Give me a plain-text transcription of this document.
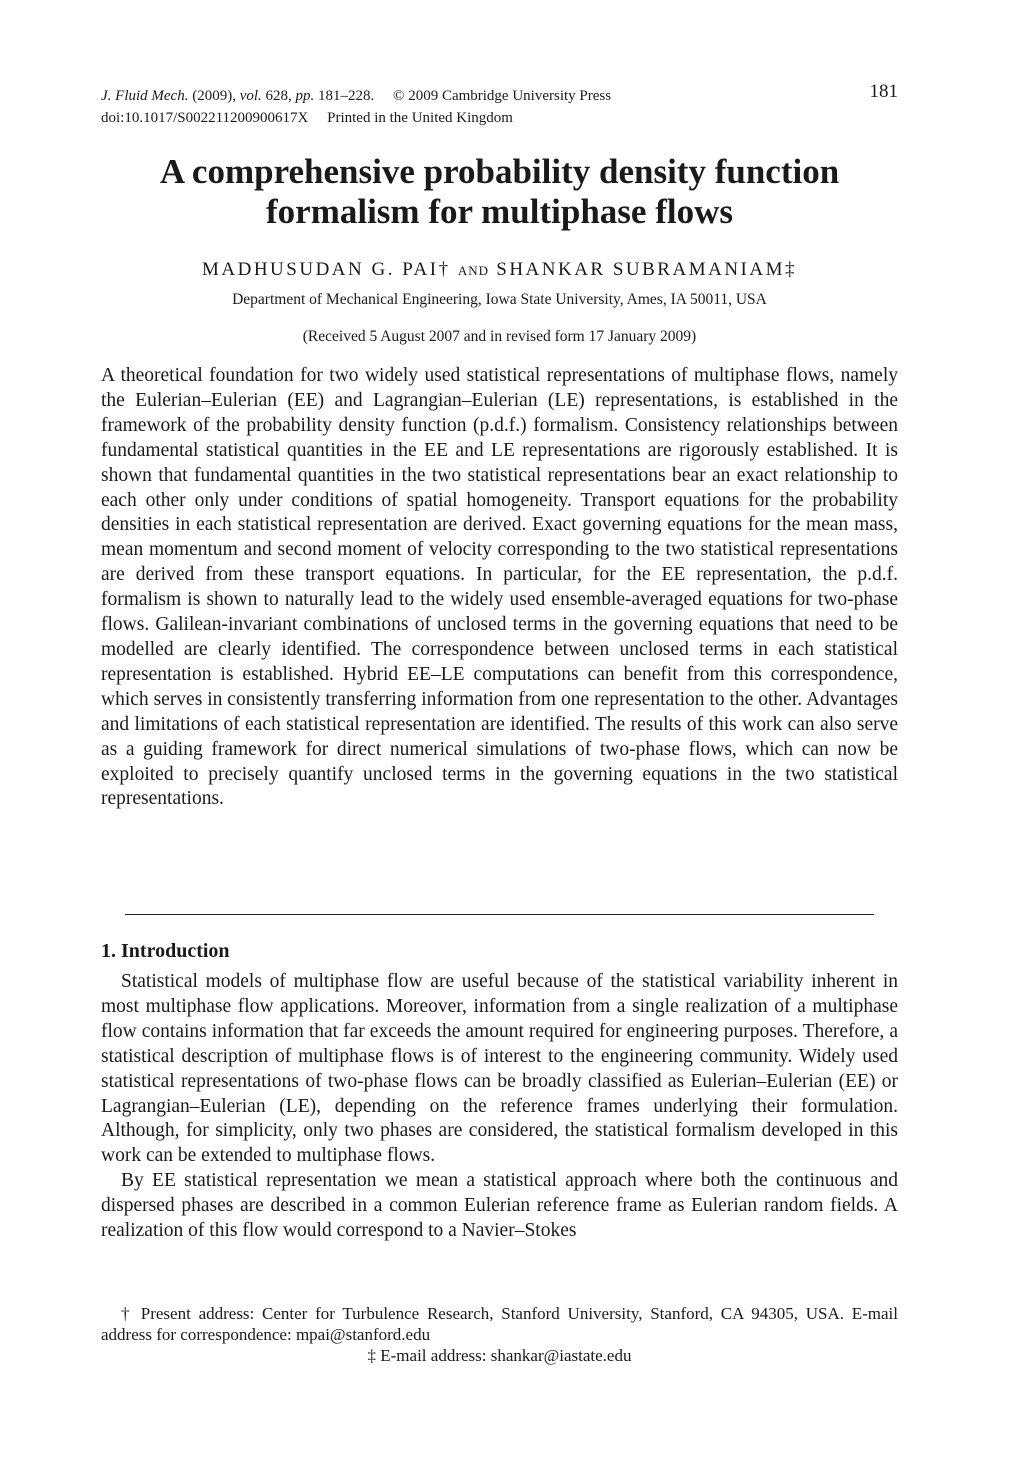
J. Fluid Mech. (2009), vol. 628, pp. 181–228. © 2009 Cambridge University Press
doi:10.1017/S002211200900617X Printed in the United Kingdom
181
A comprehensive probability density function
formalism for multiphase flows
MADHUSUDAN G. PAI† AND SHANKAR SUBRAMANIAM‡
Department of Mechanical Engineering, Iowa State University, Ames, IA 50011, USA
(Received 5 August 2007 and in revised form 17 January 2009)

A theoretical foundation for two widely used statistical representations of multiphase flows, namely the Eulerian–Eulerian (EE) and Lagrangian–Eulerian (LE) representations, is established in the framework of the probability density function (p.d.f.) formalism. Consistency relationships between fundamental statistical quantities in the EE and LE representations are rigorously established. It is shown that fundamental quantities in the two statistical representations bear an exact relationship to each other only under conditions of spatial homogeneity. Transport equations for the probability densities in each statistical representation are derived. Exact governing equations for the mean mass, mean momentum and second moment of velocity corresponding to the two statistical representations are derived from these transport equations. In particular, for the EE representation, the p.d.f. formalism is shown to naturally lead to the widely used ensemble-averaged equations for two-phase flows. Galilean-invariant combinations of unclosed terms in the governing equations that need to be modelled are clearly identified. The correspondence between unclosed terms in each statistical representation is established. Hybrid EE–LE computations can benefit from this correspondence, which serves in consistently transferring information from one representation to the other. Advantages and limitations of each statistical representation are identified. The results of this work can also serve as a guiding framework for direct numerical simulations of two-phase flows, which can now be exploited to precisely quantify unclosed terms in the governing equations in the two statistical representations.

1. Introduction

Statistical models of multiphase flow are useful because of the statistical variability inherent in most multiphase flow applications. Moreover, information from a single realization of a multiphase flow contains information that far exceeds the amount required for engineering purposes. Therefore, a statistical description of multiphase flows is of interest to the engineering community. Widely used statistical representations of two-phase flows can be broadly classified as Eulerian–Eulerian (EE) or Lagrangian–Eulerian (LE), depending on the reference frames underlying their formulation. Although, for simplicity, only two phases are considered, the statistical formalism developed in this work can be extended to multiphase flows.

By EE statistical representation we mean a statistical approach where both the continuous and dispersed phases are described in a common Eulerian reference frame as Eulerian random fields. A realization of this flow would correspond to a Navier–Stokes

† Present address: Center for Turbulence Research, Stanford University, Stanford, CA 94305, USA. E-mail address for correspondence: mpai@stanford.edu

‡ E-mail address: shankar@iastate.edu
